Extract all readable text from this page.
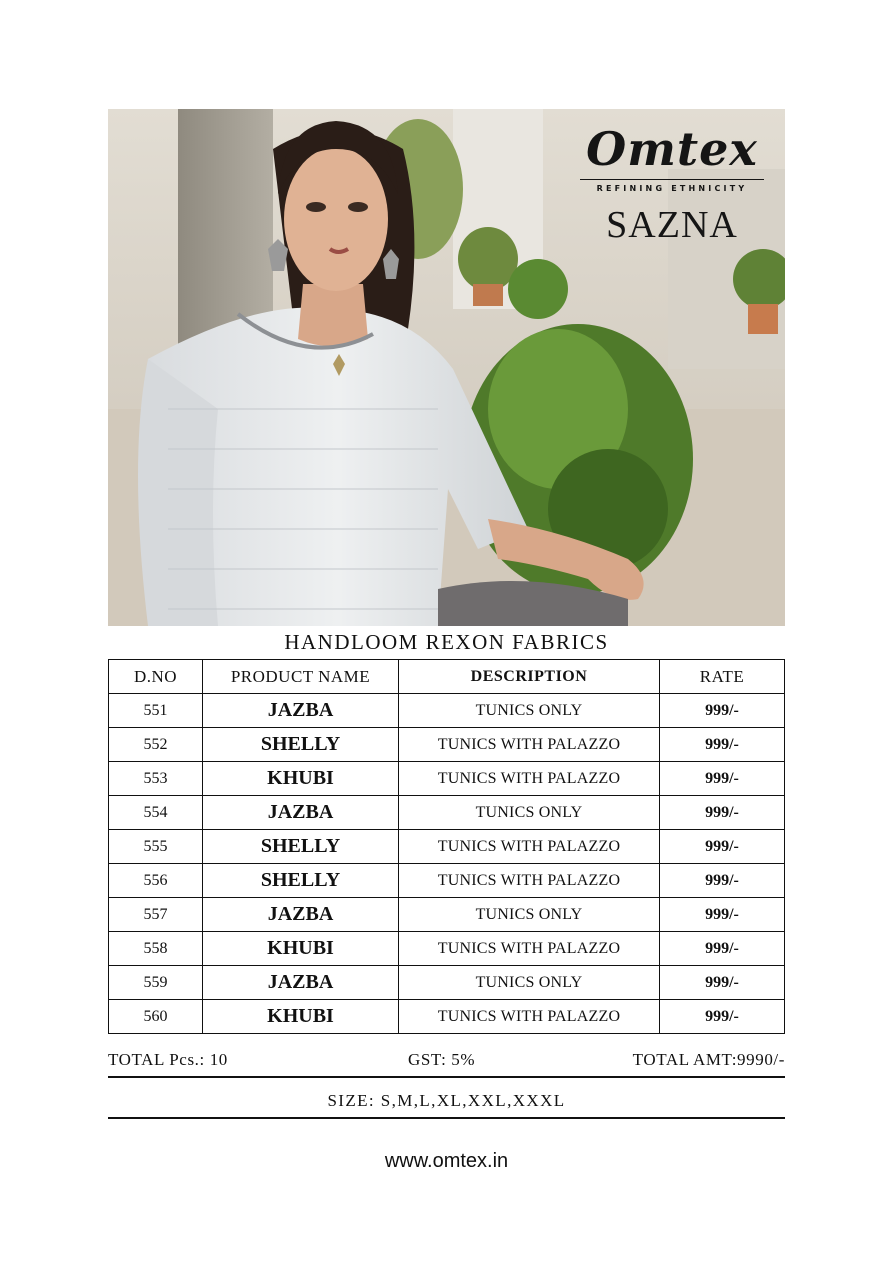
Omtex
REFINING ETHNICITY
SAZNA
HANDLOOM REXON FABRICS
D.NO	PRODUCT NAME	DESCRIPTION	RATE
551	JAZBA	TUNICS ONLY	999/-
552	SHELLY	TUNICS WITH PALAZZO	999/-
553	KHUBI	TUNICS WITH PALAZZO	999/-
554	JAZBA	TUNICS ONLY	999/-
555	SHELLY	TUNICS WITH PALAZZO	999/-
556	SHELLY	TUNICS WITH PALAZZO	999/-
557	JAZBA	TUNICS ONLY	999/-
558	KHUBI	TUNICS WITH PALAZZO	999/-
559	JAZBA	TUNICS ONLY	999/-
560	KHUBI	TUNICS WITH PALAZZO	999/-
TOTAL Pcs.: 10	GST: 5%	TOTAL AMT:9990/-
SIZE: S,M,L,XL,XXL,XXXL
www.omtex.in
